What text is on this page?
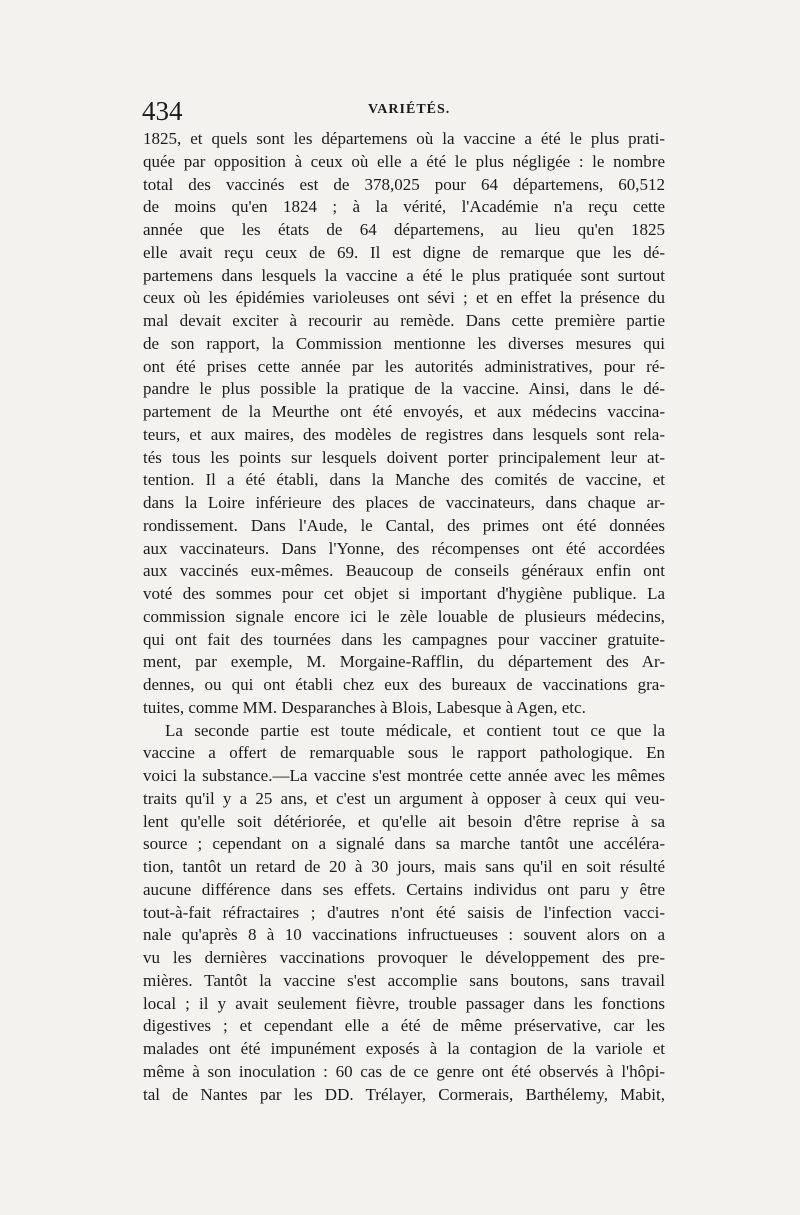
434	VARIÉTÉS.
1825, et quels sont les départemens où la vaccine a été le plus prati-
quée par opposition à ceux où elle a été le plus négligée : le nombre
total des vaccinés est de 378,025 pour 64 départemens, 60,512
de moins qu'en 1824 ; à la vérité, l'Académie n'a reçu cette
année que les états de 64 départemens, au lieu qu'en 1825
elle avait reçu ceux de 69. Il est digne de remarque que les dé-
partemens dans lesquels la vaccine a été le plus pratiquée sont surtout
ceux où les épidémies varioleuses ont sévi ; et en effet la présence du
mal devait exciter à recourir au remède. Dans cette première partie
de son rapport, la Commission mentionne les diverses mesures qui
ont été prises cette année par les autorités administratives, pour ré-
pandre le plus possible la pratique de la vaccine. Ainsi, dans le dé-
partement de la Meurthe ont été envoyés, et aux médecins vaccina-
teurs, et aux maires, des modèles de registres dans lesquels sont rela-
tés tous les points sur lesquels doivent porter principalement leur at-
tention. Il a été établi, dans la Manche des comités de vaccine, et
dans la Loire inférieure des places de vaccinateurs, dans chaque ar-
rondissement. Dans l'Aude, le Cantal, des primes ont été données
aux vaccinateurs. Dans l'Yonne, des récompenses ont été accordées
aux vaccinés eux-mêmes. Beaucoup de conseils généraux enfin ont
voté des sommes pour cet objet si important d'hygiène publique. La
commission signale encore ici le zèle louable de plusieurs médecins,
qui ont fait des tournées dans les campagnes pour vacciner gratuite-
ment, par exemple, M. Morgaine-Rafflin, du département des Ar-
dennes, ou qui ont établi chez eux des bureaux de vaccinations gra-
tuites, comme MM. Desparanches à Blois, Labesque à Agen, etc.
La seconde partie est toute médicale, et contient tout ce que la
vaccine a offert de remarquable sous le rapport pathologique. En
voici la substance.—La vaccine s'est montrée cette année avec les mêmes
traits qu'il y a 25 ans, et c'est un argument à opposer à ceux qui veu-
lent qu'elle soit détériorée, et qu'elle ait besoin d'être reprise à sa
source ; cependant on a signalé dans sa marche tantôt une accéléra-
tion, tantôt un retard de 20 à 30 jours, mais sans qu'il en soit résulté
aucune différence dans ses effets. Certains individus ont paru y être
tout-à-fait réfractaires ; d'autres n'ont été saisis de l'infection vacci-
nale qu'après 8 à 10 vaccinations infructueuses : souvent alors on a
vu les dernières vaccinations provoquer le développement des pre-
mières. Tantôt la vaccine s'est accomplie sans boutons, sans travail
local ; il y avait seulement fièvre, trouble passager dans les fonctions
digestives ; et cependant elle a été de même préservative, car les
malades ont été impunément exposés à la contagion de la variole et
même à son inoculation : 60 cas de ce genre ont été observés à l'hôpi-
tal de Nantes par les DD. Trélayer, Cormerais, Barthélemy, Mabit,
